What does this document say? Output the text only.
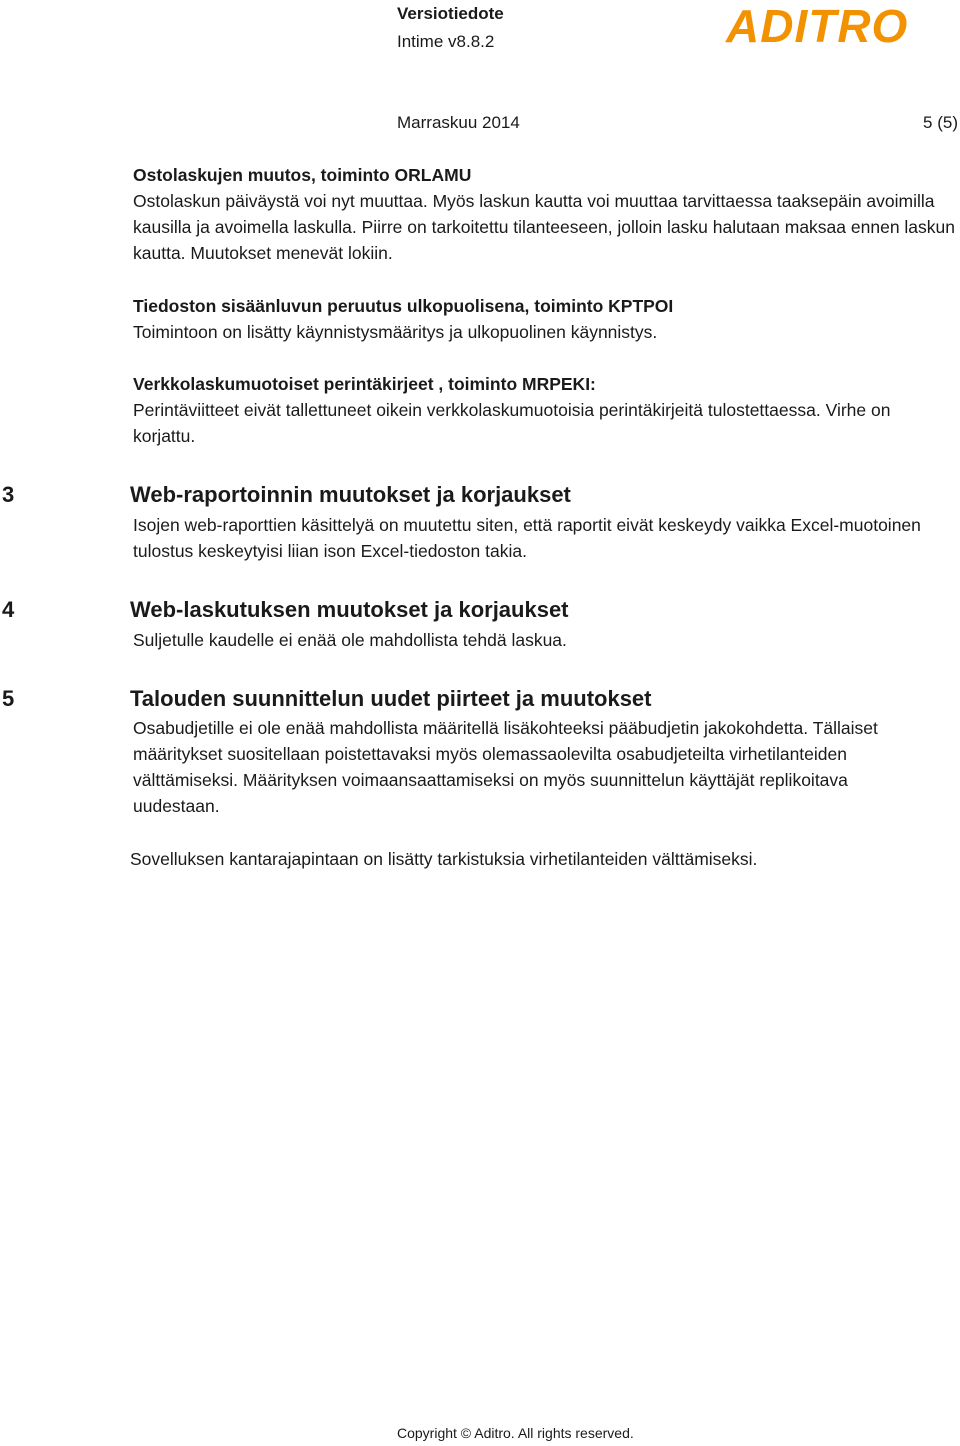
Versiotiedote
Intime v8.8.2	ADITRO
Marraskuu 2014	5 (5)
Ostolaskujen muutos, toiminto ORLAMU

Ostolaskun päiväystä voi nyt muuttaa. Myös laskun kautta voi muuttaa tarvittaessa taaksepäin avoimilla kausilla ja avoimella laskulla. Piirre on tarkoitettu tilanteeseen, jolloin lasku halutaan maksaa ennen laskun kautta. Muutokset menevät lokiin.

Tiedoston sisäänluvun peruutus ulkopuolisena, toiminto KPTPOI

Toimintoon on lisätty käynnistysmääritys ja ulkopuolinen käynnistys.

Verkkolaskumuotoiset perintäkirjeet , toiminto MRPEKI:

Perintäviitteet eivät tallettuneet oikein verkkolaskumuotoisia perintäkirjeitä tulostettaessa. Virhe on korjattu.

3	Web-raportoinnin muutokset ja korjaukset

Isojen web-raporttien käsittelyä on muutettu siten, että raportit eivät keskeydy vaikka Excel-muotoinen tulostus keskeytyisi liian ison Excel-tiedoston takia.

4	Web-laskutuksen muutokset ja korjaukset

Suljetulle kaudelle ei enää ole mahdollista tehdä laskua.

5	Talouden suunnittelun uudet piirteet ja muutokset

Osabudjetille ei ole enää mahdollista määritellä lisäkohteeksi pääbudjetin jakokohdetta. Tällaiset määritykset suositellaan poistettavaksi myös olemassaolevilta osabudjeteilta virhetilanteiden välttämiseksi. Määrityksen voimaansaattamiseksi on myös suunnittelun käyttäjät replikoitava uudestaan.

Sovelluksen kantarajapintaan on lisätty tarkistuksia virhetilanteiden välttämiseksi.

Copyright © Aditro. All rights reserved.
